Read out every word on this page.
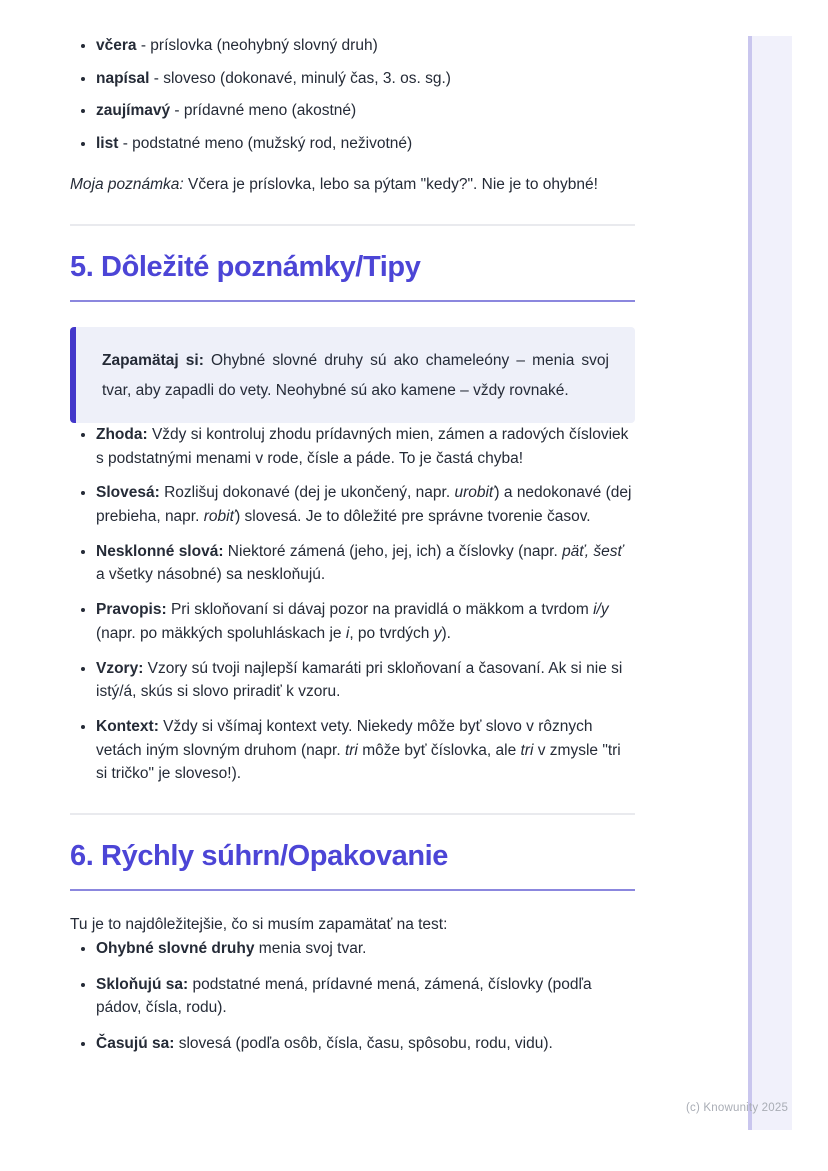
• včera - príslovka (neohybný slovný druh)
• napísal - sloveso (dokonavé, minulý čas, 3. os. sg.)
• zaujímavý - prídavné meno (akostné)
• list - podstatné meno (mužský rod, neživotné)

Moja poznámka: Včera je príslovka, lebo sa pýtam "kedy?". Nie je to ohybné!

5. Dôležité poznámky/Tipy
Zapamätaj si: Ohybné slovné druhy sú ako chameleóny – menia svoj tvar, aby zapadli do vety. Neohybné sú ako kamene – vždy rovnaké.
• Zhoda: Vždy si kontroluj zhodu prídavných mien, zámen a radových čísloviek s podstatnými menami v rode, čísle a páde. To je častá chyba!
• Slovesá: Rozlišuj dokonavé (dej je ukončený, napr. urobiť) a nedokonavé (dej prebieha, napr. robiť) slovesá. Je to dôležité pre správne tvorenie časov.
• Nesklonné slová: Niektoré zámená (jeho, jej, ich) a číslovky (napr. päť, šesť a všetky násobné) sa neskloňujú.
• Pravopis: Pri skloňovaní si dávaj pozor na pravidlá o mäkkom a tvrdom i/y (napr. po mäkkých spoluhláskach je i, po tvrdých y).
• Vzory: Vzory sú tvoji najlepší kamaráti pri skloňovaní a časovaní. Ak si nie si istý/á, skús si slovo priradiť k vzoru.
• Kontext: Vždy si všímaj kontext vety. Niekedy môže byť slovo v rôznych vetách iným slovným druhom (napr. tri môže byť číslovka, ale tri v zmysle "tri si tričko" je sloveso!).
6. Rýchly súhrn/Opakovanie

Tu je to najdôležitejšie, čo si musím zapamätať na test:

• Ohybné slovné druhy menia svoj tvar.
• Skloňujú sa: podstatné mená, prídavné mená, zámená, číslovky (podľa pádov, čísla, rodu).
• Časujú sa: slovesá (podľa osôb, čísla, času, spôsobu, rodu, vidu).
(c) Knowunity 2025
